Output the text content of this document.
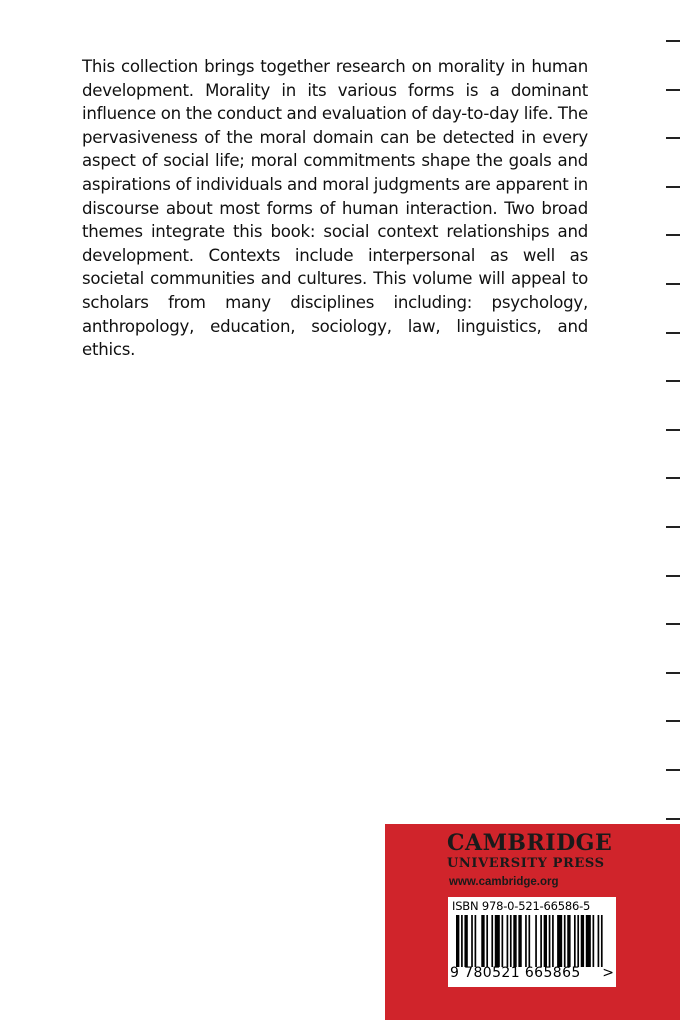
This collection brings together research on morality in human development. Morality in its various forms is a dominant influence on the conduct and evaluation of day-to-day life. The pervasiveness of the moral domain can be detected in every aspect of social life; moral commitments shape the goals and aspirations of individuals and moral judgments are apparent in discourse about most forms of human interaction. Two broad themes integrate this book: social context relationships and development. Contexts include interpersonal as well as societal communities and cultures. This volume will appeal to scholars from many disciplines including: psychology, anthropology, education, sociology, law, linguistics, and ethics.
CAMBRIDGE
UNIVERSITY PRESS
www.cambridge.org
ISBN 978-0-521-66586-5
9 780521 665865	>
